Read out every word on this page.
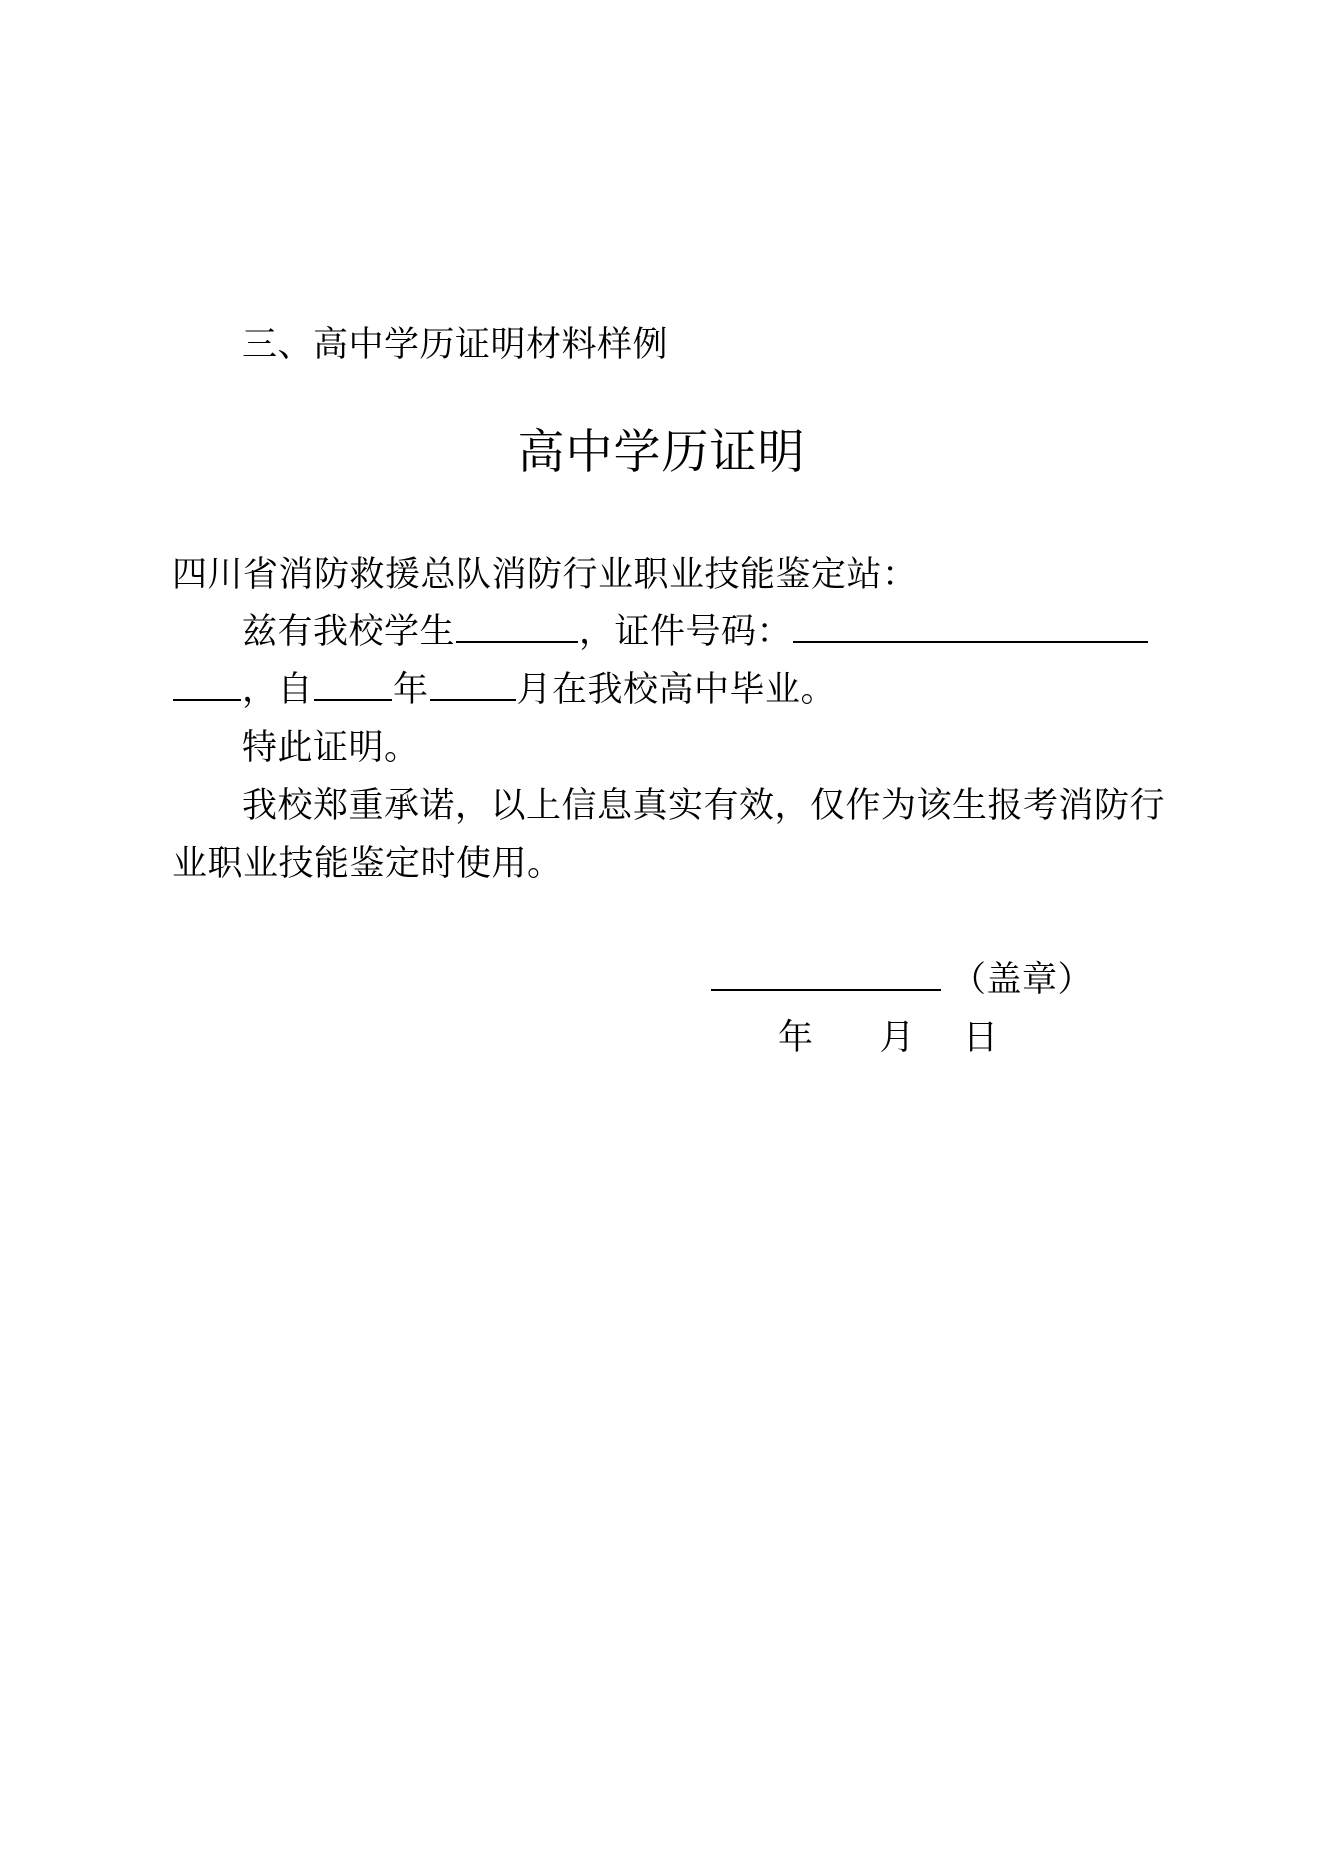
三、高中学历证明材料样例
高中学历证明
四川省消防救援总队消防行业职业技能鉴定站：
兹有我校学生	，证件号码：
，自 年	月在我校高中毕业。
特此证明。
我校郑重承诺，以上信息真实有效，仅作为该生报考消防行
业职业技能鉴定时使用。
（盖章）
年 月 日
